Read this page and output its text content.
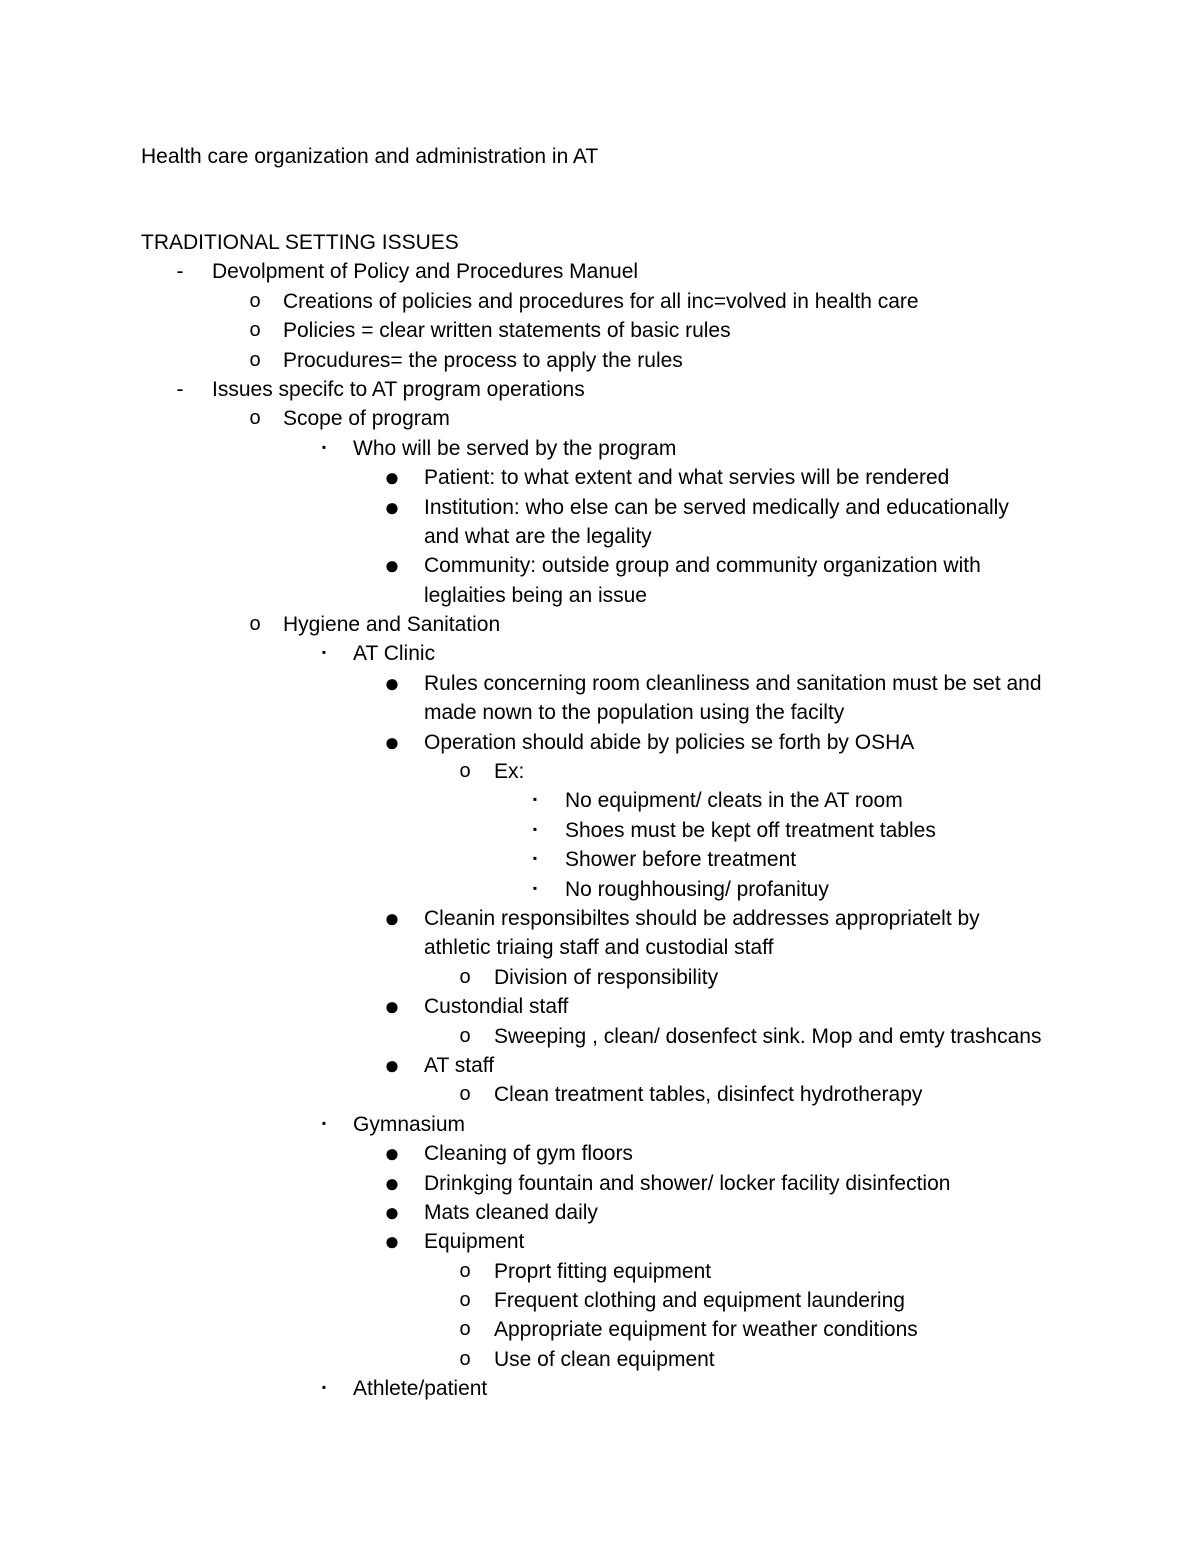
Health care organization and administration in AT
TRADITIONAL SETTING ISSUES
-	Devolpment of Policy and Procedures Manuel
o Creations of policies and procedures for all inc=volved in health care
o Policies = clear written statements of basic rules
o Procudures= the process to apply the rules
-	Issues specifc to AT program operations
o Scope of program
▪	Who will be served by the program
● Patient: to what extent and what servies will be rendered
● Institution: who else can be served medically and educationally
and what are the legality
● Community: outside group and community organization with
leglaities being an issue
o Hygiene and Sanitation
▪	AT Clinic
● Rules concerning room cleanliness and sanitation must be set and
made nown to the population using the facilty
● Operation should abide by policies se forth by OSHA
o Ex:
▪	No equipment/ cleats in the AT room
▪	Shoes must be kept off treatment tables
▪	Shower before treatment
▪	No roughhousing/ profanituy
● Cleanin responsibiltes should be addresses appropriatelt by
athletic triaing staff and custodial staff
o Division of responsibility
● Custondial staff
o Sweeping , clean/ dosenfect sink. Mop and emty trashcans
● AT staff
o Clean treatment tables, disinfect hydrotherapy
▪	Gymnasium
● Cleaning of gym floors
● Drinkging fountain and shower/ locker facility disinfection
● Mats cleaned daily
● Equipment
o Proprt fitting equipment
o Frequent clothing and equipment laundering
o Appropriate equipment for weather conditions
o Use of clean equipment
▪	Athlete/patient
